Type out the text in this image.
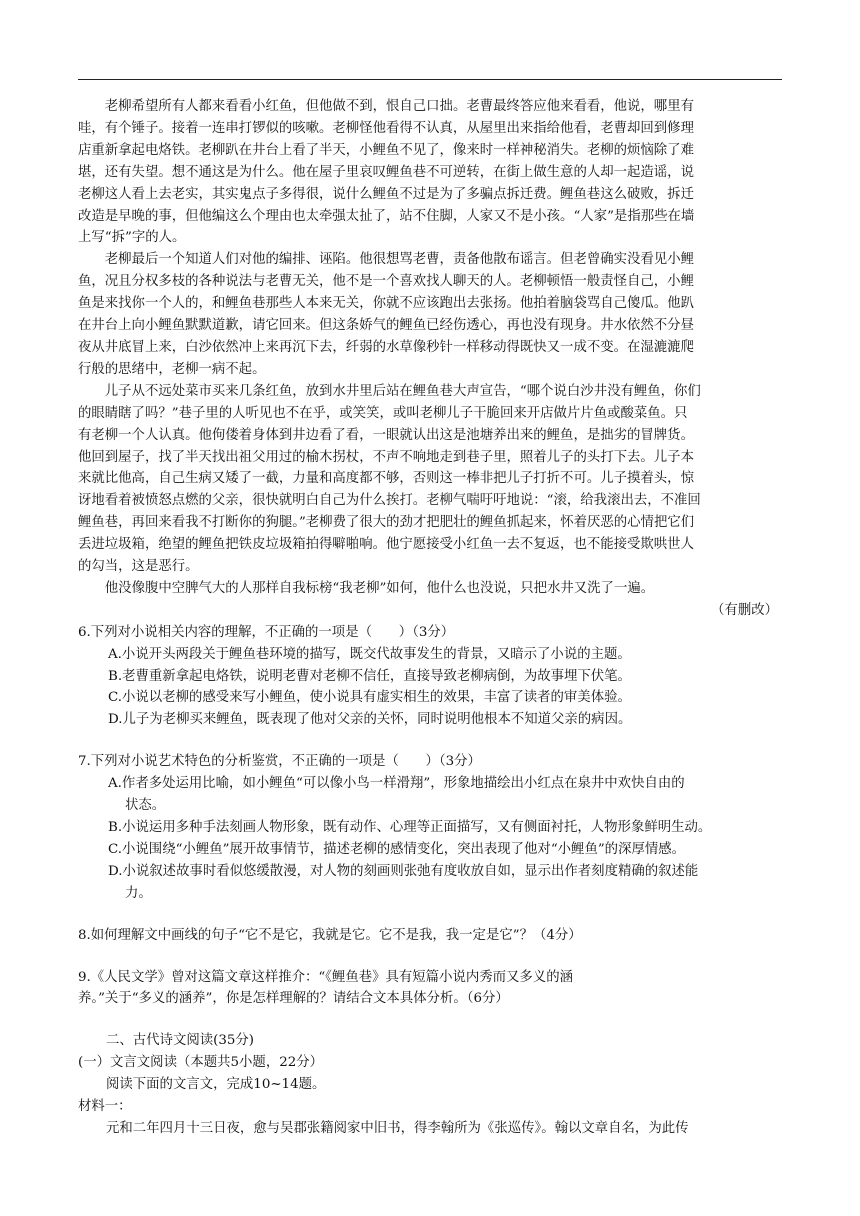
老柳希望所有人都来看看小红鱼，但他做不到，恨自己口拙。老曹最终答应他来看看，他说，哪里有
哇，有个锤子。接着一连串打锣似的咳嗽。老柳怪他看得不认真，从屋里出来指给他看，老曹却回到修理
店重新拿起电烙铁。老柳趴在井台上看了半天，小鲤鱼不见了，像来时一样神秘消失。老柳的烦恼除了难
堪，还有失望。想不通这是为什么。他在屋子里哀叹鲤鱼巷不可逆转，在街上做生意的人却一起造谣，说
老柳这人看上去老实，其实鬼点子多得很，说什么鲤鱼不过是为了多骗点拆迁费。鲤鱼巷这么破败，拆迁
改造是早晚的事，但他编这么个理由也太牵强太扯了，站不住脚，人家又不是小孩。“人家”是指那些在墙
上写“拆”字的人。

老柳最后一个知道人们对他的编排、诬陷。他很想骂老曹，责备他散布谣言。但老曾确实没看见小鲤
鱼，况且分权多枝的各种说法与老曹无关，他不是一个喜欢找人聊天的人。老柳顿悟一般责怪自己，小鲤
鱼是来找你一个人的，和鲤鱼巷那些人本来无关，你就不应该跑出去张扬。他拍着脑袋骂自己傻瓜。他趴
在井台上向小鲤鱼默默道歉，请它回来。但这条娇气的鲤鱼已经伤透心，再也没有现身。井水依然不分昼
夜从井底冒上来，白沙依然冲上来再沉下去，纤弱的水草像秒针一样移动得既快又一成不变。在湿漉漉爬
行般的思绪中，老柳一病不起。

儿子从不远处菜市买来几条红鱼，放到水井里后站在鲤鱼巷大声宣告，“哪个说白沙井没有鲤鱼，你们
的眼睛瞎了吗？”巷子里的人听见也不在乎，或笑笑，或叫老柳儿子干脆回来开店做片片鱼或酸菜鱼。只
有老柳一个人认真。他佝偻着身体到井边看了看，一眼就认出这是池塘养出来的鲤鱼，是拙劣的冒牌货。
他回到屋子，找了半天找出祖父用过的榆木拐杖，不声不响地走到巷子里，照着儿子的头打下去。儿子本
来就比他高，自己生病又矮了一截，力量和高度都不够，否则这一棒非把儿子打折不可。儿子摸着头，惊
讶地看着被愤怒点燃的父亲，很快就明白自己为什么挨打。老柳气喘吁吁地说：“滚，给我滚出去，不准回
鲤鱼巷，再回来看我不打断你的狗腿。”老柳费了很大的劲才把肥壮的鲤鱼抓起来，怀着厌恶的心情把它们
丢进垃圾箱，绝望的鲤鱼把铁皮垃圾箱拍得噼啪响。他宁愿接受小红鱼一去不复返，也不能接受欺哄世人
的勾当，这是恶行。

他没像腹中空脾气大的人那样自我标榜“我老柳”如何，他什么也没说，只把水井又洗了一遍。

（有删改）

6.下列对小说相关内容的理解，不正确的一项是（　　）（3分）

A.小说开头两段关于鲤鱼巷环境的描写，既交代故事发生的背景，又暗示了小说的主题。

B.老曹重新拿起电烙铁，说明老曹对老柳不信任，直接导致老柳病倒，为故事埋下伏笔。

C.小说以老柳的感受来写小鲤鱼，使小说具有虚实相生的效果，丰富了读者的审美体验。

D.儿子为老柳买来鲤鱼，既表现了他对父亲的关怀，同时说明他根本不知道父亲的病因。

7.下列对小说艺术特色的分析鉴赏，不正确的一项是（　　）（3分）

A.作者多处运用比喻，如小鲤鱼“可以像小鸟一样滑翔”，形象地描绘出小红点在泉井中欢快自由的
状态。

B.小说运用多种手法刻画人物形象，既有动作、心理等正面描写，又有侧面衬托，人物形象鲜明生动。

C.小说围绕“小鲤鱼”展开故事情节，描述老柳的感情变化，突出表现了他对“小鲤鱼”的深厚情感。

D.小说叙述故事时看似悠缓散漫，对人物的刻画则张弛有度收放自如，显示出作者刻度精确的叙述能
力。

8.如何理解文中画线的句子“它不是它，我就是它。它不是我，我一定是它”？（4分）

9.《人民文学》曾对这篇文章这样推介：“《鲤鱼巷》具有短篇小说内秀而又多义的涵

养。”关于“多义的涵养”，你是怎样理解的？请结合文本具体分析。（6分）

二、古代诗文阅读(35分)

(一）文言文阅读（本题共5小题，22分）

阅读下面的文言文，完成10~14题。

材料一：

元和二年四月十三日夜，愈与吴郡张籍阅家中旧书，得李翰所为《张巡传》。翰以文章自名，为此传
